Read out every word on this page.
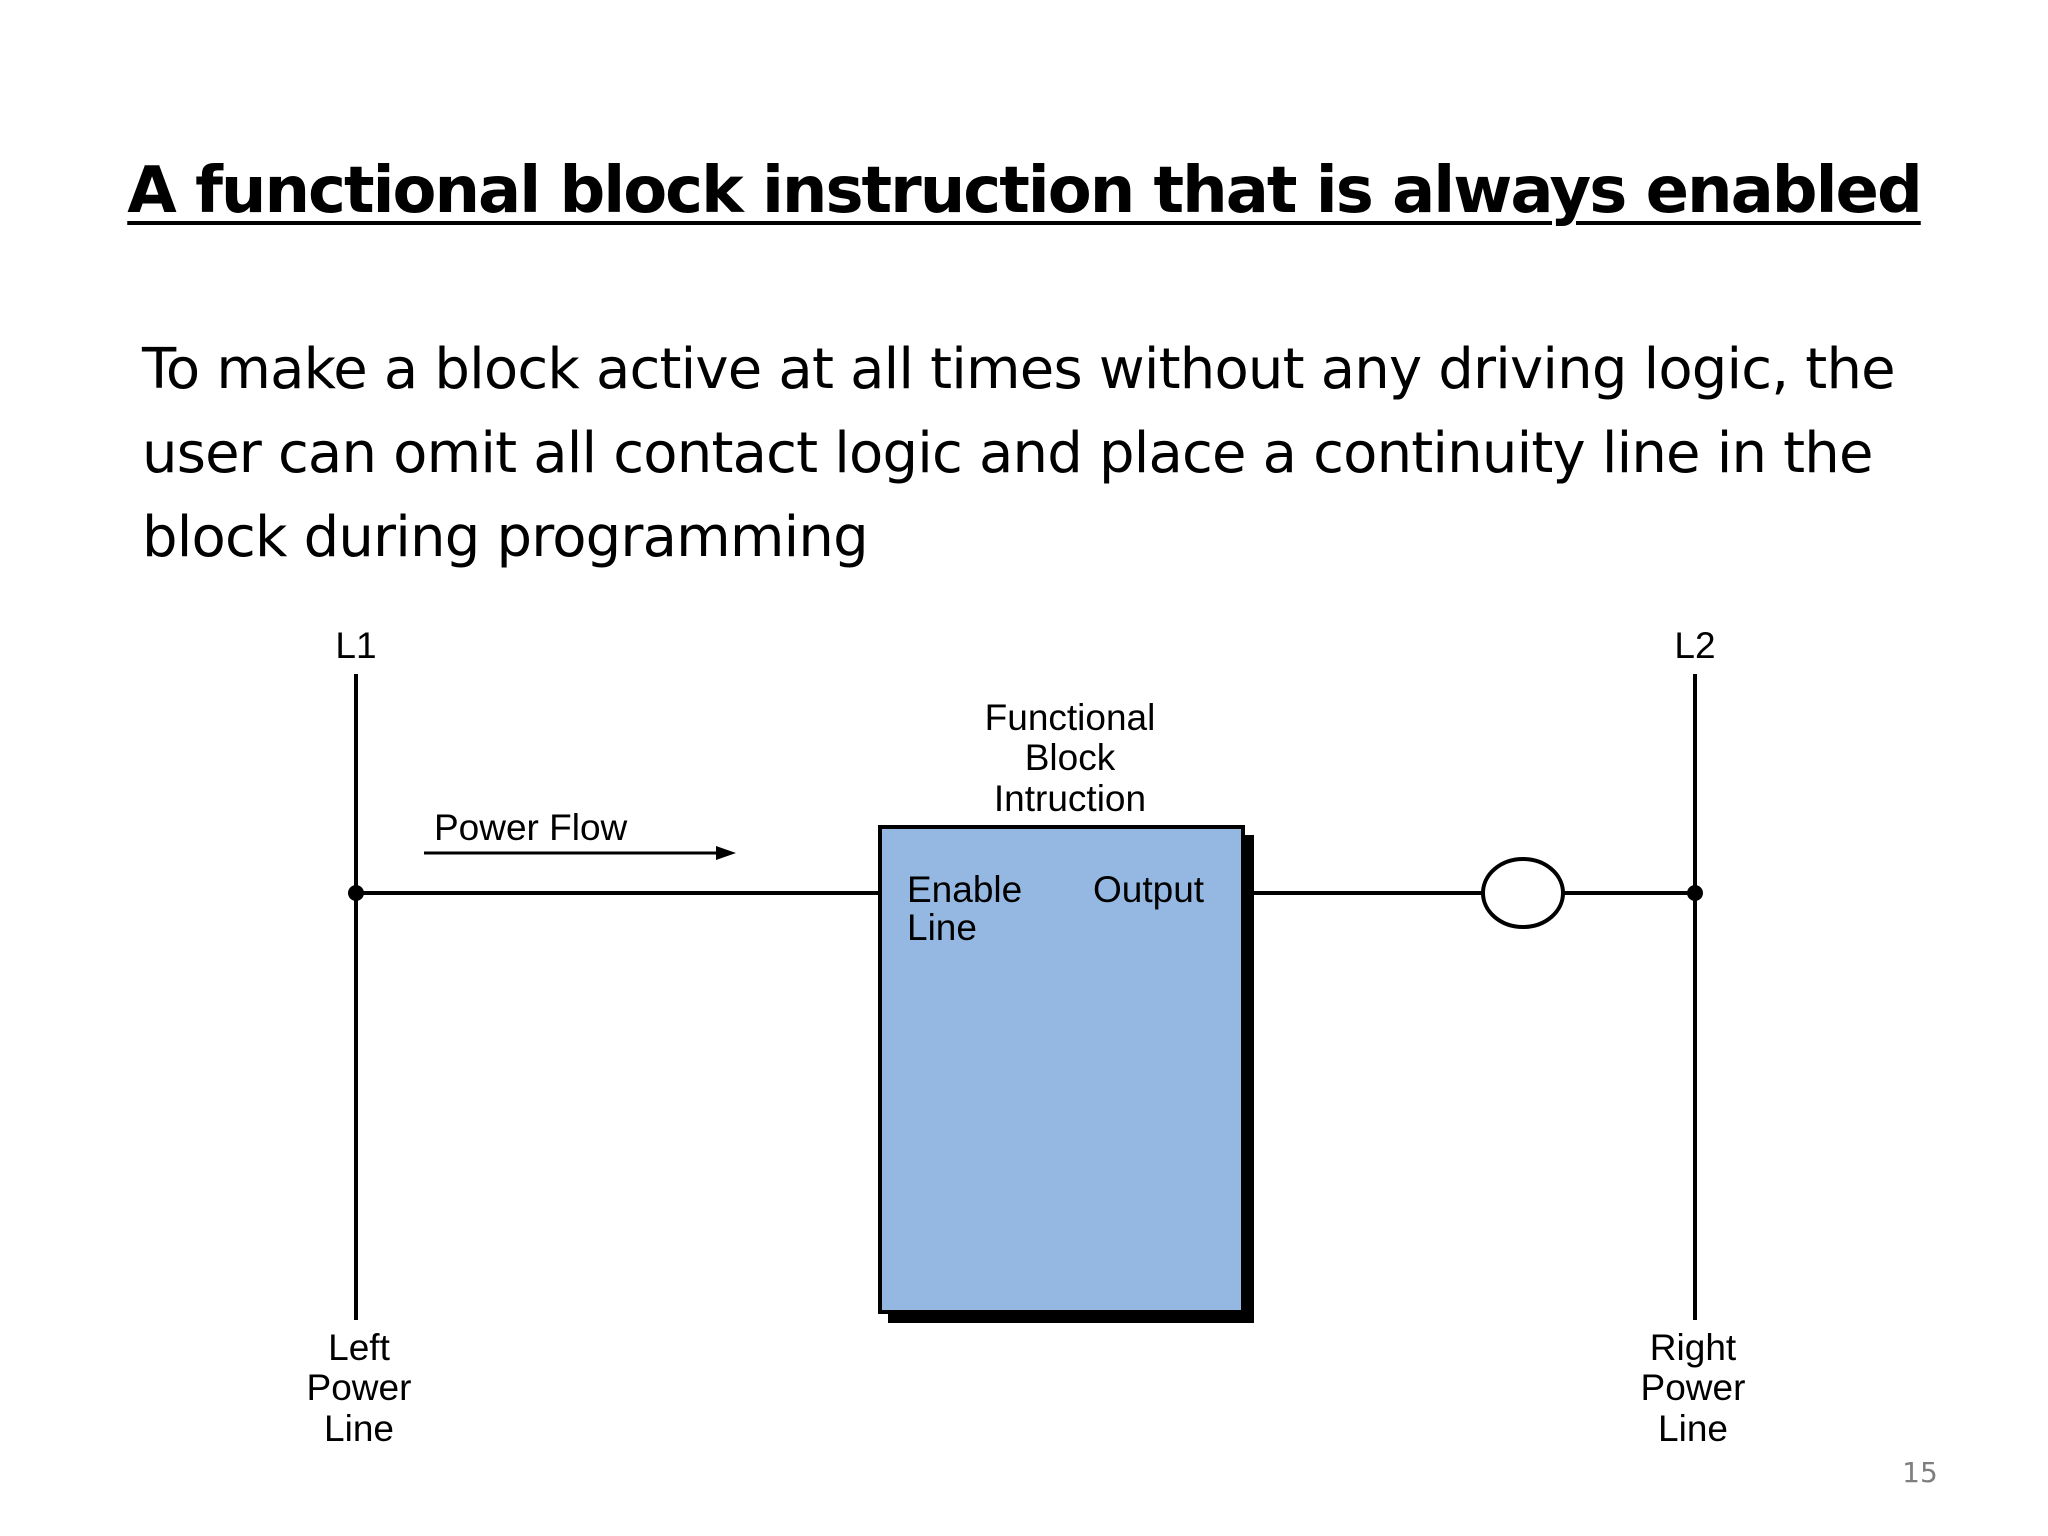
A functional block instruction that is always enabled

To make a block active at all times without any driving logic, the user can omit all contact logic and place a continuity line in the block during programming

L1	L2
Power Flow
Functional
Block
Intruction
Enable
Line
Output
Left
Power
Line
Right
Power
Line
15
